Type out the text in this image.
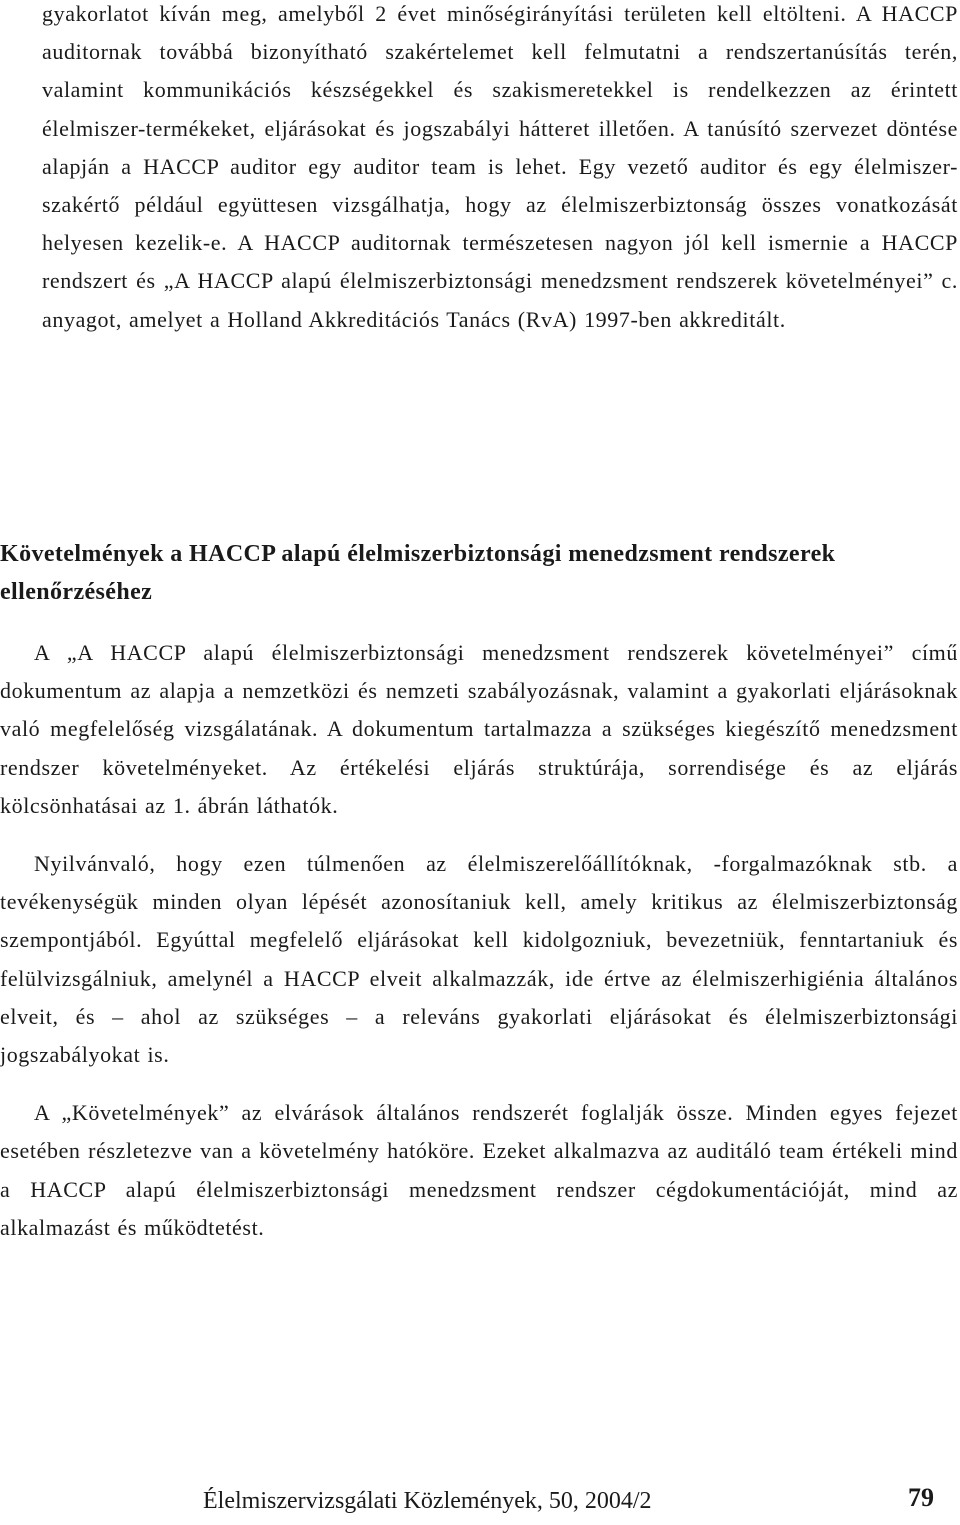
gyakorlatot kíván meg, amelyből 2 évet minőségirányítási területen kell eltölteni. A HACCP auditornak továbbá bizonyítható szakértelemet kell felmutatni a rendszertanúsítás terén, valamint kommunikációs készségekkel és szakismeretekkel is rendelkezzen az érintett élelmiszer-termékeket, eljárásokat és jogszabályi hátteret illetően. A tanúsító szervezet döntése alapján a HACCP auditor egy auditor team is lehet. Egy vezető auditor és egy élelmiszer-szakértő például együttesen vizsgálhatja, hogy az élelmiszerbiztonság összes vonatkozását helyesen kezelik-e. A HACCP auditornak természetesen nagyon jól kell ismernie a HACCP rendszert és „A HACCP alapú élelmiszerbiztonsági menedzsment rendszerek követelményei” c. anyagot, amelyet a Holland Akkreditációs Tanács (RvA) 1997-ben akkreditált.

Követelmények a HACCP alapú élelmiszerbiztonsági menedzsment rendszerek ellenőrzéséhez

A „A HACCP alapú élelmiszerbiztonsági menedzsment rendszerek követelményei” című dokumentum az alapja a nemzetközi és nemzeti szabályozásnak, valamint a gyakorlati eljárásoknak való megfelelőség vizsgálatának. A dokumentum tartalmazza a szükséges kiegészítő menedzsment rendszer követelményeket. Az értékelési eljárás struktúrája, sorrendisége és az eljárás kölcsönhatásai az 1. ábrán láthatók.

Nyilvánvaló, hogy ezen túlmenően az élelmiszerelőállítóknak, -forgalmazóknak stb. a tevékenységük minden olyan lépését azonosítaniuk kell, amely kritikus az élelmiszerbiztonság szempontjából. Egyúttal megfelelő eljárásokat kell kidolgozniuk, bevezetniük, fenntartaniuk és felülvizsgálniuk, amelynél a HACCP elveit alkalmazzák, ide értve az élelmiszerhigiénia általános elveit, és – ahol az szükséges – a releváns gyakorlati eljárásokat és élelmiszerbiztonsági jogszabályokat is.

A „Követelmények” az elvárások általános rendszerét foglalják össze. Minden egyes fejezet esetében részletezve van a követelmény hatóköre. Ezeket alkalmazva az auditáló team értékeli mind a HACCP alapú élelmiszerbiztonsági menedzsment rendszer cégdokumentációját, mind az alkalmazást és működtetést.

Élelmiszervizsgálati Közlemények, 50, 2004/2	79
